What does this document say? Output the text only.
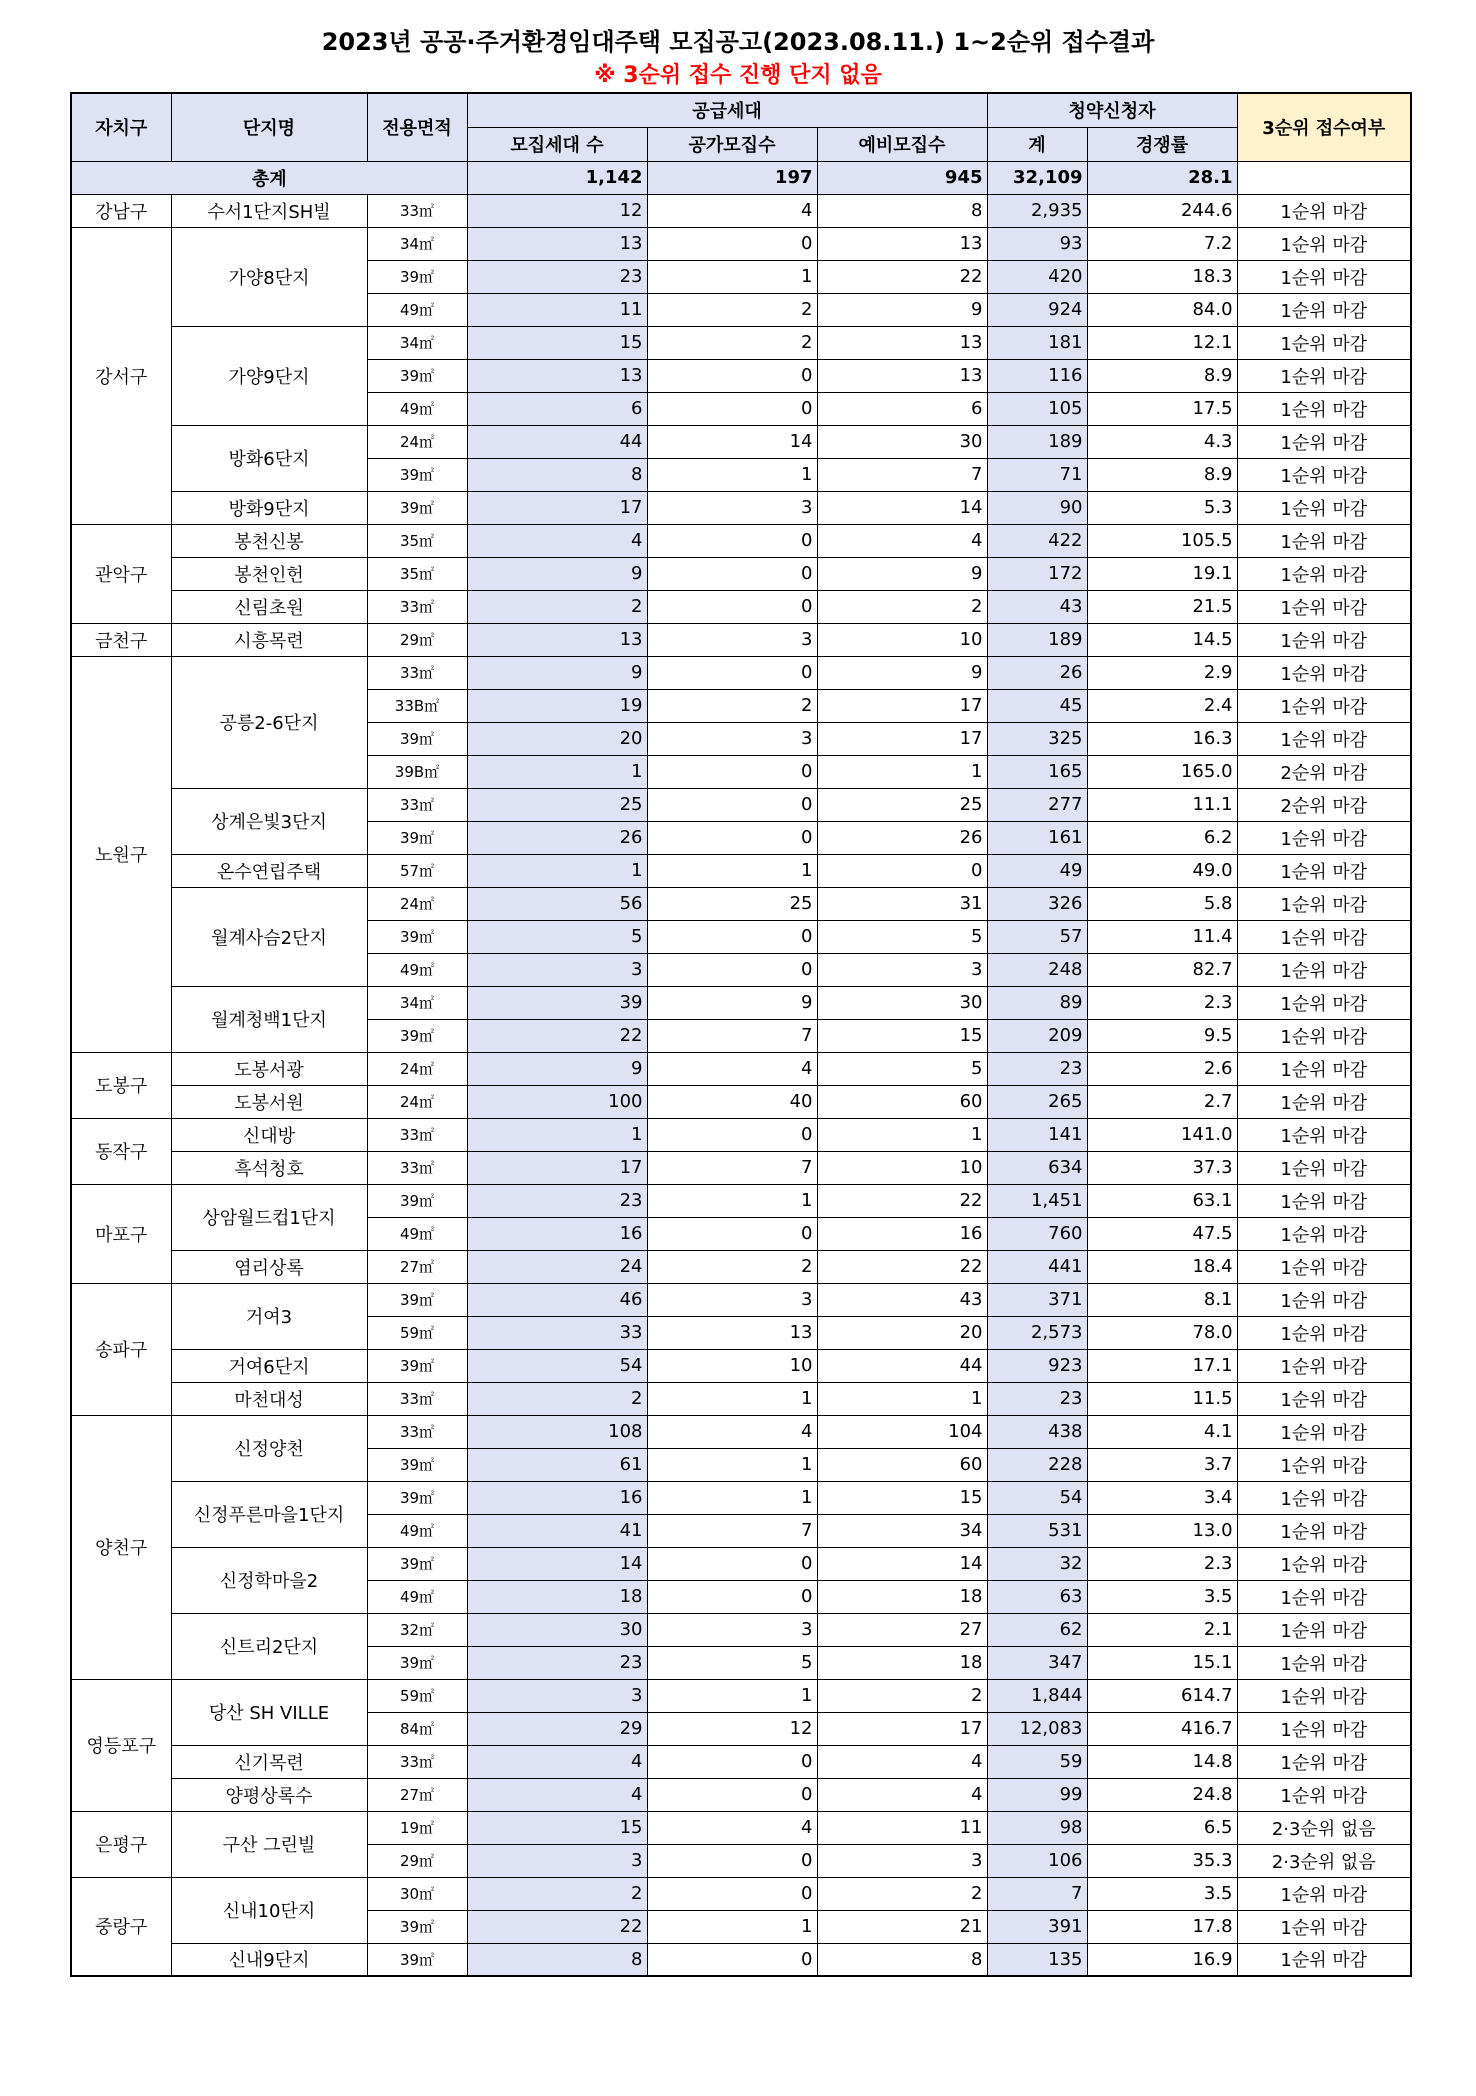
2023년 공공·주거환경임대주택 모집공고(2023.08.11.) 1~2순위 접수결과
※ 3순위 접수 진행 단지 없음
자치구	단지명	전용면적	공급세대			청약신청자		3순위 접수여부
			모집세대 수	공가모집수	예비모집수	계	경쟁률	
총계			1,142	197	945	32,109	28.1	
강남구	수서1단지SH빌	33㎡	12	4	8	2,935	244.6	1순위 마감
강서구	가양8단지	34㎡	13	0	13	93	7.2	1순위 마감
		39㎡	23	1	22	420	18.3	1순위 마감
		49㎡	11	2	9	924	84.0	1순위 마감
	가양9단지	34㎡	15	2	13	181	12.1	1순위 마감
		39㎡	13	0	13	116	8.9	1순위 마감
		49㎡	6	0	6	105	17.5	1순위 마감
	방화6단지	24㎡	44	14	30	189	4.3	1순위 마감
		39㎡	8	1	7	71	8.9	1순위 마감
	방화9단지	39㎡	17	3	14	90	5.3	1순위 마감
관악구	봉천신봉	35㎡	4	0	4	422	105.5	1순위 마감
	봉천인헌	35㎡	9	0	9	172	19.1	1순위 마감
	신림초원	33㎡	2	0	2	43	21.5	1순위 마감
금천구	시흥목련	29㎡	13	3	10	189	14.5	1순위 마감
노원구	공릉2-6단지	33㎡	9	0	9	26	2.9	1순위 마감
		33B㎡	19	2	17	45	2.4	1순위 마감
		39㎡	20	3	17	325	16.3	1순위 마감
		39B㎡	1	0	1	165	165.0	2순위 마감
	상계은빛3단지	33㎡	25	0	25	277	11.1	2순위 마감
		39㎡	26	0	26	161	6.2	1순위 마감
	온수연립주택	57㎡	1	1	0	49	49.0	1순위 마감
	월계사슴2단지	24㎡	56	25	31	326	5.8	1순위 마감
		39㎡	5	0	5	57	11.4	1순위 마감
		49㎡	3	0	3	248	82.7	1순위 마감
	월계청백1단지	34㎡	39	9	30	89	2.3	1순위 마감
		39㎡	22	7	15	209	9.5	1순위 마감
도봉구	도봉서광	24㎡	9	4	5	23	2.6	1순위 마감
	도봉서원	24㎡	100	40	60	265	2.7	1순위 마감
동작구	신대방	33㎡	1	0	1	141	141.0	1순위 마감
	흑석청호	33㎡	17	7	10	634	37.3	1순위 마감
마포구	상암월드컵1단지	39㎡	23	1	22	1,451	63.1	1순위 마감
		49㎡	16	0	16	760	47.5	1순위 마감
	염리상록	27㎡	24	2	22	441	18.4	1순위 마감
송파구	거여3	39㎡	46	3	43	371	8.1	1순위 마감
		59㎡	33	13	20	2,573	78.0	1순위 마감
	거여6단지	39㎡	54	10	44	923	17.1	1순위 마감
	마천대성	33㎡	2	1	1	23	11.5	1순위 마감
양천구	신정양천	33㎡	108	4	104	438	4.1	1순위 마감
		39㎡	61	1	60	228	3.7	1순위 마감
	신정푸른마을1단지	39㎡	16	1	15	54	3.4	1순위 마감
		49㎡	41	7	34	531	13.0	1순위 마감
	신정학마을2	39㎡	14	0	14	32	2.3	1순위 마감
		49㎡	18	0	18	63	3.5	1순위 마감
	신트리2단지	32㎡	30	3	27	62	2.1	1순위 마감
		39㎡	23	5	18	347	15.1	1순위 마감
영등포구	당산 SH VILLE	59㎡	3	1	2	1,844	614.7	1순위 마감
		84㎡	29	12	17	12,083	416.7	1순위 마감
	신기목련	33㎡	4	0	4	59	14.8	1순위 마감
	양평상록수	27㎡	4	0	4	99	24.8	1순위 마감
은평구	구산 그린빌	19㎡	15	4	11	98	6.5	2·3순위 없음
		29㎡	3	0	3	106	35.3	2·3순위 없음
중랑구	신내10단지	30㎡	2	0	2	7	3.5	1순위 마감
		39㎡	22	1	21	391	17.8	1순위 마감
	신내9단지	39㎡	8	0	8	135	16.9	1순위 마감
